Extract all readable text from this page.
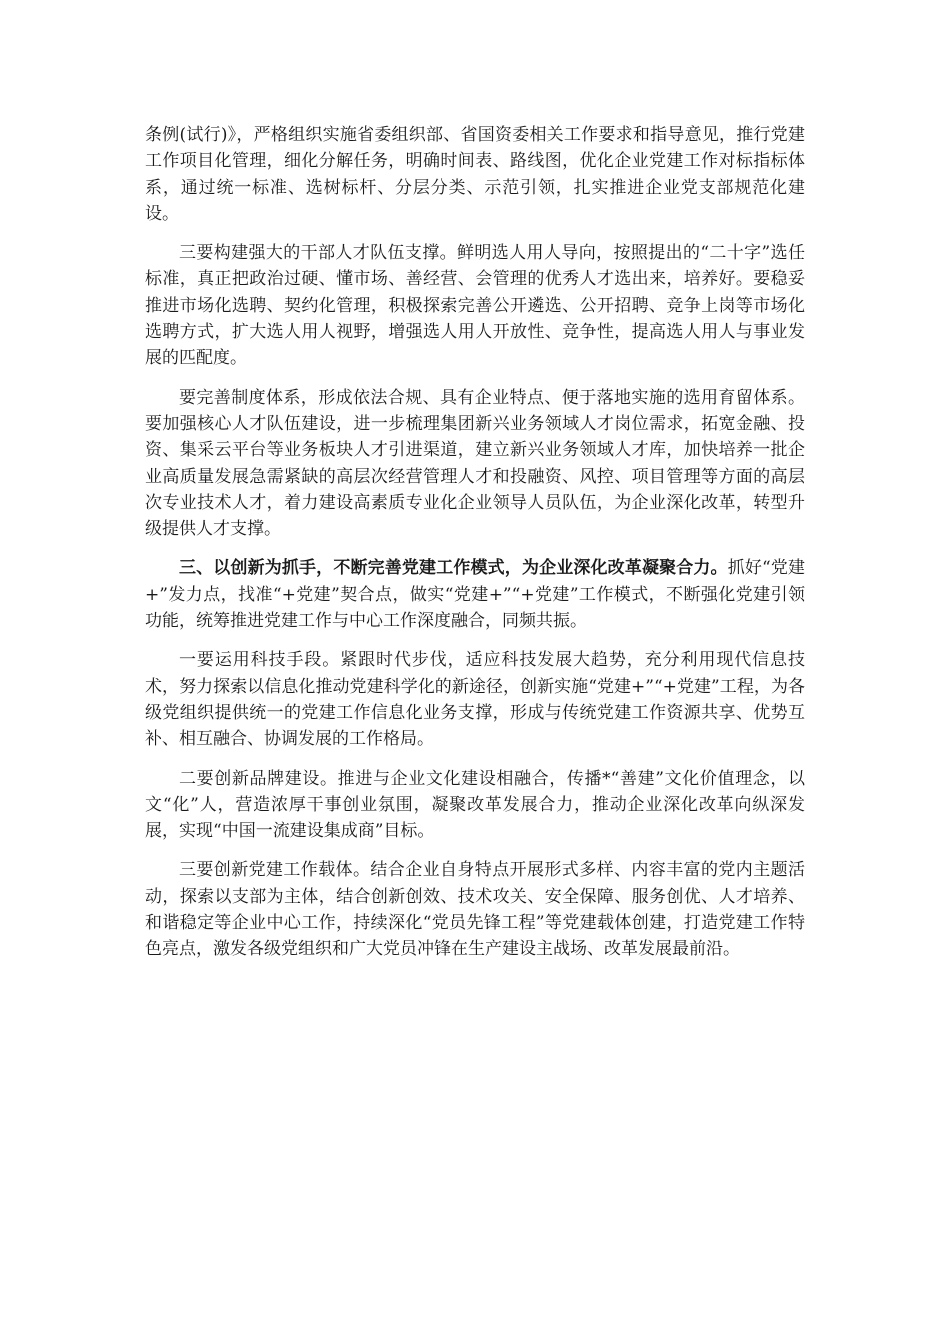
条例(试行)》，严格组织实施省委组织部、省国资委相关工作要求和指导意见，推行党建工作项目化管理，细化分解任务，明确时间表、路线图，优化企业党建工作对标指标体系，通过统一标准、选树标杆、分层分类、示范引领，扎实推进企业党支部规范化建设。

三要构建强大的干部人才队伍支撑。鲜明选人用人导向，按照提出的“二十字”选任标准，真正把政治过硬、懂市场、善经营、会管理的优秀人才选出来，培养好。要稳妥推进市场化选聘、契约化管理，积极探索完善公开遴选、公开招聘、竞争上岗等市场化选聘方式，扩大选人用人视野，增强选人用人开放性、竞争性，提高选人用人与事业发展的匹配度。

要完善制度体系，形成依法合规、具有企业特点、便于落地实施的选用育留体系。要加强核心人才队伍建设，进一步梳理集团新兴业务领域人才岗位需求，拓宽金融、投资、集采云平台等业务板块人才引进渠道，建立新兴业务领域人才库，加快培养一批企业高质量发展急需紧缺的高层次经营管理人才和投融资、风控、项目管理等方面的高层次专业技术人才，着力建设高素质专业化企业领导人员队伍，为企业深化改革，转型升级提供人才支撑。

三、以创新为抓手，不断完善党建工作模式，为企业深化改革凝聚合力。抓好“党建+”发力点，找准“+党建”契合点，做实“党建+”“+党建”工作模式，不断强化党建引领功能，统筹推进党建工作与中心工作深度融合，同频共振。

一要运用科技手段。紧跟时代步伐，适应科技发展大趋势，充分利用现代信息技术，努力探索以信息化推动党建科学化的新途径，创新实施“党建+”“+党建”工程，为各级党组织提供统一的党建工作信息化业务支撑，形成与传统党建工作资源共享、优势互补、相互融合、协调发展的工作格局。

二要创新品牌建设。推进与企业文化建设相融合，传播*“善建”文化价值理念，以文“化”人，营造浓厚干事创业氛围，凝聚改革发展合力，推动企业深化改革向纵深发展，实现“中国一流建设集成商”目标。

三要创新党建工作载体。结合企业自身特点开展形式多样、内容丰富的党内主题活动，探索以支部为主体，结合创新创效、技术攻关、安全保障、服务创优、人才培养、和谐稳定等企业中心工作，持续深化“党员先锋工程”等党建载体创建，打造党建工作特色亮点，激发各级党组织和广大党员冲锋在生产建设主战场、改革发展最前沿。
